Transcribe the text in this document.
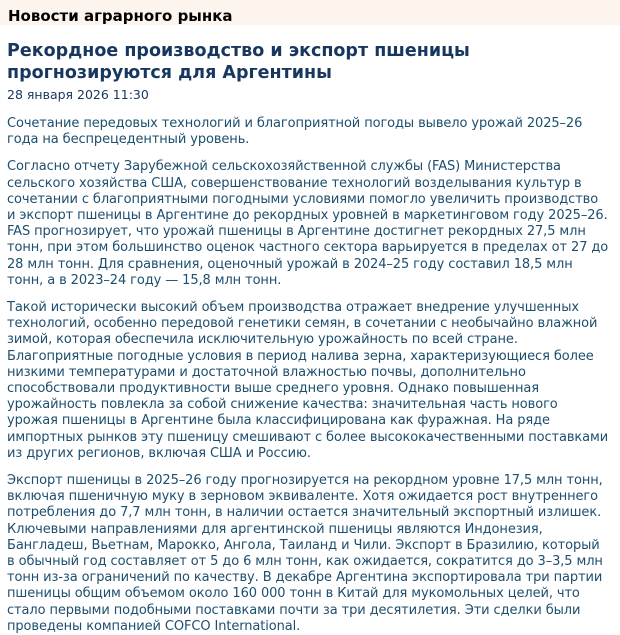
Новости аграрного рынка
Рекордное производство и экспорт пшеницы прогнозируются для Аргентины
28 января 2026 11:30

Сочетание передовых технологий и благоприятной погоды вывело урожай 2025–26 года на беспрецедентный уровень.

Согласно отчету Зарубежной сельскохозяйственной службы (FAS) Министерства сельского хозяйства США, совершенствование технологий возделывания культур в сочетании с благоприятными погодными условиями помогло увеличить производство и экспорт пшеницы в Аргентине до рекордных уровней в маркетинговом году 2025–26. FAS прогнозирует, что урожай пшеницы в Аргентине достигнет рекордных 27,5 млн тонн, при этом большинство оценок частного сектора варьируется в пределах от 27 до 28 млн тонн. Для сравнения, оценочный урожай в 2024–25 году составил 18,5 млн тонн, а в 2023–24 году — 15,8 млн тонн.

Такой исторически высокий объем производства отражает внедрение улучшенных технологий, особенно передовой генетики семян, в сочетании с необычайно влажной зимой, которая обеспечила исключительную урожайность по всей стране. Благоприятные погодные условия в период налива зерна, характеризующиеся более низкими температурами и достаточной влажностью почвы, дополнительно способствовали продуктивности выше среднего уровня. Однако повышенная урожайность повлекла за собой снижение качества: значительная часть нового урожая пшеницы в Аргентине была классифицирована как фуражная. На ряде импортных рынков эту пшеницу смешивают с более высококачественными поставками из других регионов, включая США и Россию.

Экспорт пшеницы в 2025–26 году прогнозируется на рекордном уровне 17,5 млн тонн, включая пшеничную муку в зерновом эквиваленте. Хотя ожидается рост внутреннего потребления до 7,7 млн тонн, в наличии остается значительный экспортный излишек. Ключевыми направлениями для аргентинской пшеницы являются Индонезия, Бангладеш, Вьетнам, Марокко, Ангола, Таиланд и Чили. Экспорт в Бразилию, который в обычный год составляет от 5 до 6 млн тонн, как ожидается, сократится до 3–3,5 млн тонн из-за ограничений по качеству. В декабре Аргентина экспортировала три партии пшеницы общим объемом около 160 000 тонн в Китай для мукомольных целей, что стало первыми подобными поставками почти за три десятилетия. Эти сделки были проведены компанией COFCO International.
